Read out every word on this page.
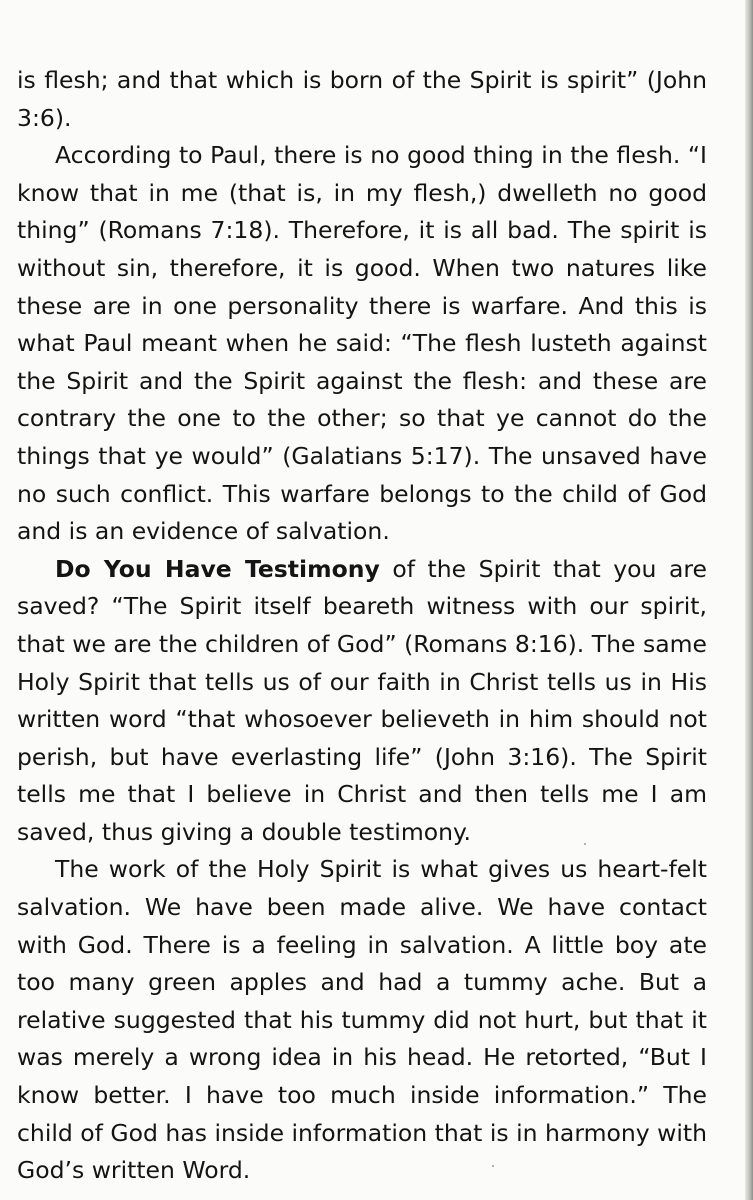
is flesh; and that which is born of the Spirit is spirit” (John 3:6).

According to Paul, there is no good thing in the flesh. “I know that in me (that is, in my flesh,) dwelleth no good thing” (Romans 7:18). Therefore, it is all bad. The spirit is without sin, therefore, it is good. When two natures like these are in one personality there is warfare. And this is what Paul meant when he said: “The flesh lusteth against the Spirit and the Spirit against the flesh: and these are contrary the one to the other; so that ye cannot do the things that ye would” (Galatians 5:17). The unsaved have no such conflict. This warfare belongs to the child of God and is an evidence of salvation.

Do You Have Testimony of the Spirit that you are saved? “The Spirit itself beareth witness with our spirit, that we are the children of God” (Romans 8:16). The same Holy Spirit that tells us of our faith in Christ tells us in His written word “that whosoever believeth in him should not perish, but have everlasting life” (John 3:16). The Spirit tells me that I believe in Christ and then tells me I am saved, thus giving a double testimony.

The work of the Holy Spirit is what gives us heart-felt salvation. We have been made alive. We have contact with God. There is a feeling in salvation. A little boy ate too many green apples and had a tummy ache. But a relative suggested that his tummy did not hurt, but that it was merely a wrong idea in his head. He retorted, “But I know better. I have too much inside information.” The child of God has inside information that is in harmony with God’s written Word.
